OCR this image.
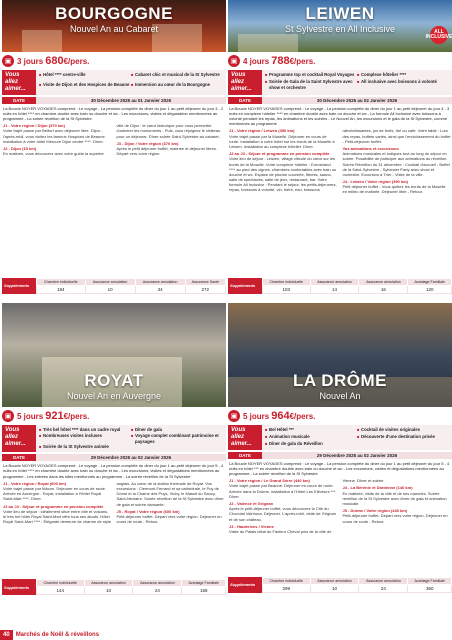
BOURGOGNE
Nouvel An au Cabaret
▣ 3 jours 680 €/pers.
Vous allez aimer...
■ Hôtel **** centre-ville	■ Cabaret chic et musical de la St Sylvestre
■ Visite de Dijon et des Hospices de Beaune	■ Immersion au cœur de la Bourgogne
DATE	30 Décembre 2025 au 01 Janvier 2026
La Boucle NOYER VOYAGES comprend : Le voyage - La pension complète du diner du jour 1 au petit déjeuner du jour 3 - 2 nuits en hôtel **** en chambre double avec bain ou douche et wc - Les excursions, visites et dégustation mentionnées au programme - La soirée réveillon de la St Sylvestre

J1 - Votre région / Dijon (370 km)
Votre trajet passe par Belfort avec déjeuner libre. Dijon - l'après-midi, vous visitez les fameux Hospices de Beaune. Installation à votre hôtel Mercure Dijon centre ****. Dîner.

J2 - Dijon (15 km)
En matinée, vous découvrez avec votre guide la superbe ville de Dijon : le cœur historique pour vous permettre d'admirer les monuments - Puis, vous rejoignez le château pour un déjeuner. Dîner soirée Saint-Sylvestre au cabaret.

J3 - Dijon / Votre région (370 km)
Après le petit déjeuner buffet, matinée et déjeuner libres. Départ vers votre région.

Suppléments
Chambre individuelle	Assurance annulation	Assurance annulation	Assurance Santé
184	10	34	272
LEIWEN
St Sylvestre en All Inclusive	ALL INCLUSIVE
▣ 4 jours 788 €/pers.
Vous allez aimer...
■ Programme top et cocktail Royal Voyages	■ Complexe hôtelier ****
■ Soirée de Gala de la Saint Sylvestre avec show et orchestre
■ All inclusive avec boissons à volonté
DATE	30 Décembre 2025 au 02 Janvier 2026
La Boucle NOYER VOYAGES comprend : Le voyage - La pension complète du diner du jour 1 au petit déjeuner du jour 4 - 3 nuits en complexe hôtelier **** en chambre double avec bain ou douche et wc - La formule All Inclusive avec boissons à volonté pendant les repas, les animations et les soirées - Le Nouvel An, les excursions et le gala de la St Sylvestre, comme mentionnés au programme

J1 - Votre région / Leiwen (390 km)
Votre trajet passe par la Moselle. Déjeuner en cours de route. Installation à votre hôtel sur les bords de la Moselle à Leiwen. Installation au complexe hôtelier. Dîner.

J2 au J3 - Séjour et programme en pension complète
Votre lieu de séjour : Leiwen, village viticole du cœur sur les bords de la Moselle. Votre complexe hôtelier : Eurostrand **** au pied des vignes, chambres confortables avec bain ou douche et wc. Espace de piscine couverte, fitness, sauna, salle de spectacles, salle de jeux, restaurant, bar. Votre formule All Inclusive : Pendant le séjour, les petits-déjeuners, repas, boissons à volonté, vin, bière, eau, boissons rafraîchissantes, jus de fruits, thé ou café. Votre table : Lors des repas, buffets variés, ainsi que l'enrichissement du buffet - Petit-déjeuner buffet.

Vos animations et excursions
Animations musicales et ludiques tout au long du séjour en soirée. Possibilité de participer aux animations du réveillon. Soirée Réveillon du 31 décembre : Cocktail d'accueil - Buffet de la Saint-Sylvestre - Sylvester Party avec show et orchestre. Excursion à Trier - Visite de la ville.

J4 - Leiwen / Votre région (390 km)
Petit déjeuner buffet - Vous quittez les bords de la Moselle en milieu de matinée. Déjeuner libre - Retour.

Suppléments
Chambre individuelle	Assurance annulation	Assurance annulation	Avantage Familiale
103	14	16	120
ROYAT
Nouvel An en Auvergne
▣ 5 jours 921 €/pers.
Vous allez aimer...
■ Très bel hôtel **** dans un cadre royal	■ Dîner de gala
■ Nombreuses visites incluses	■ Voyage complet combinant patrimoine et paysages
■ Soirée de la St Sylvestre animée
DATE	29 Décembre 2025 au 02 Janvier 2026
La Boucle NOYER VOYAGES comprend : Le voyage - La pension complète du diner du jour 1 au petit déjeuner du jour 5 - 4 nuits en hôtel **** en chambre double avec bain ou douche et wc - Les excursions, visites et dégustations mentionnées au programme - Les entrées dans les sites mentionnés au programme - La soirée réveillon de la St Sylvestre

J1 - Votre région / Royat (600 km)
Votre trajet passe par Mâcon. Déjeuner en cours de route. Arrivée en Auvergne - Royat, installation à l'Hôtel Royal Saint-Mart ****. Dîner.

J2 au J4 - Séjour et programme en pension complète
Votre lieu de séjour : idéalement situé entre ville et volcans, le très bel hôtel Royal Saint-Mart offre tous ses atouts. Hôtel Royal Saint-Mart **** : Élégante demeure de charme de style anglais. Au cœur de la station thermale de Royat. Vos excursions : Clermont-Ferrand et sa cathédrale, le Puy de Dôme et la Chaîne des Puys, Vichy, le Massif du Sancy, Saint-Nectaire. Soirée réveillon de la St Sylvestre avec dîner de gala et soirée dansante.

J5 - Royat / Votre région (600 km)
Petit-déjeuner buffet. Départ vers votre région. Déjeuner en cours de route - Retour.

Suppléments
Chambre individuelle	Assurance annulation	Assurance annulation	Avantage Familiale
144	10	24	168
LA DRÔME
Nouvel An
▣ 5 jours 964 €/pers.
Vous allez aimer...
■ Bel Hôtel ***	■ Cocktail de visites originales
■ Animation musicale	■ Découverte d'une destination prisée
■ Dîner de gala du Réveillon
DATE	29 Décembre 2025 au 02 Janvier 2026
La Boucle NOYER VOYAGES comprend : Le voyage - La pension complète du diner du jour 1 au petit déjeuner du jour 5 - 4 nuits en hôtel *** en chambre double avec bain ou douche et wc - Les excursions, visites et dégustations mentionnées au programme - La soirée réveillon de la St Sylvestre

J1 - Votre région / Le Grand Sérre (440 km)
Votre trajet passe par Beaune. Déjeuner en cours de route. Arrivée dans la Drôme, installation à l'Hôtel Les Eléveurs ***. Dîner.

J2 - Valence et Grignan
Après le petit-déjeuner buffet, vous découvrez la Cité du Chocolat Valrhona. Déjeuner. L'après-midi, visite de Grignan et de son château.

J3 - Hauterives / Vienne
Visite du Palais idéal du Facteur Cheval puis de la ville de Vienne. Dîner et soirée.

J4 - La Bérénie et Dardenne (140 km)
En matinée, visite de la ville et de ses marchés. Soirée réveillon de la St Sylvestre avec dîner de gala et animation musicale.

J5 - Drôme / Votre région (440 km)
Petit-déjeuner buffet. Départ vers votre région. Déjeuner en cours de route - Retour.

Suppléments
Chambre individuelle	Assurance annulation	Assurance annulation	Avantage Familiale
299	10	24	360
40	Marchés de Noël & réveillons
